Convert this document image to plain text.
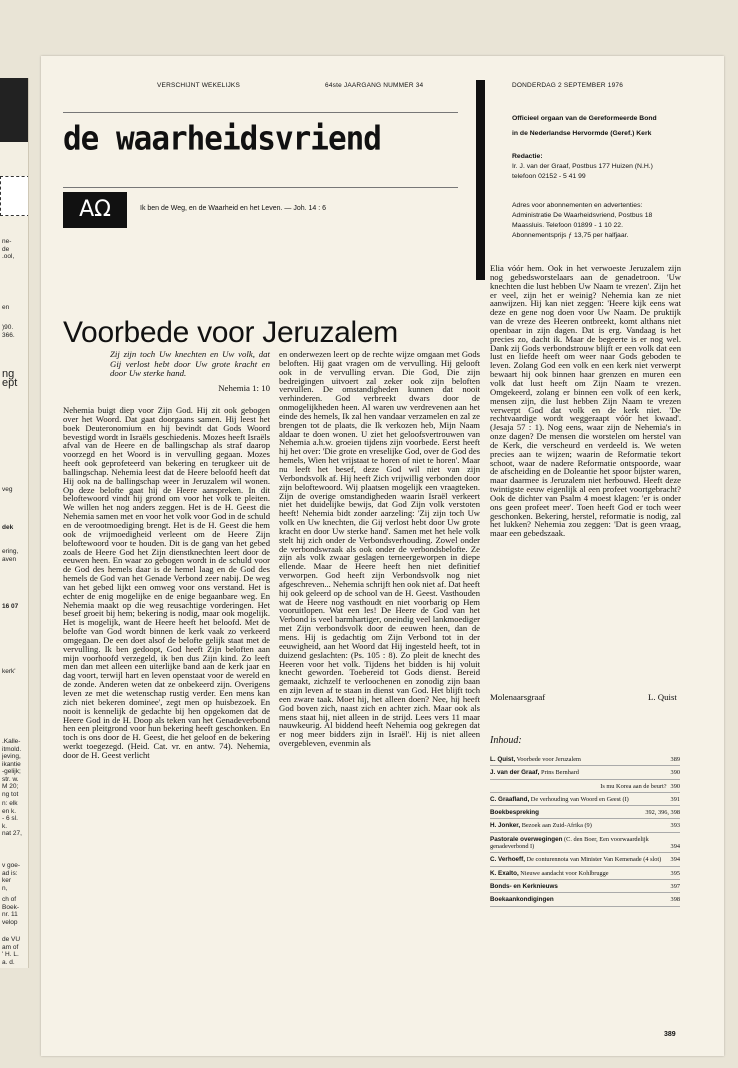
ne-
de
.ool,
en
)90.
366.
ng
ept
veg
dek
ering,
aven
16 07
kerk'
.Kalle-
itmold.
jeving,
ikantie
-gelijk;
str. w.
M 20;
ng tot
n: elk
en k.
- 6 sl.
k.
nat 27,
v goe-
ad is:
ker
n,
ch of
Boek-
nr. 11
velop
de VU
am of
' H. L.
a. d.
VERSCHIJNT WEKELIJKS	64ste JAARGANG NUMMER 34	DONDERDAG 2 SEPTEMBER 1976
de waarheidsvriend
AΩ	Ik ben de Weg, en de Waarheid en het Leven. — Joh. 14 : 6
Officieel orgaan van de Gereformeerde Bond
in de Nederlandse Hervormde (Geref.) Kerk
Redactie:
Ir. J. van der Graaf, Postbus 177 Huizen (N.H.)
telefoon 02152 - 5 41 99
Adres voor abonnementen en advertenties:
Administratie De Waarheidsvriend, Postbus 18
Maassluis. Telefoon 01899 - 1 10 22.
Abonnementsprijs ƒ 13,75 per halfjaar.
Voorbede voor Jeruzalem
Zij zijn toch Uw knechten en Uw volk, dat Gij verlost hebt door Uw grote kracht en door Uw sterke hand.
Nehemia 1: 10

Nehemia buigt diep voor Zijn God. Hij zit ook gebogen over het Woord. Dat gaat doorgaans samen. Hij leest het boek Deuteronomium en hij bevindt dat Gods Woord bevestigd wordt in Israëls geschiedenis. Mozes heeft Israëls afval van de Heere en de ballingschap als straf daarop voorzegd en het Woord is in vervulling gegaan. Mozes heeft ook geprofeteerd van bekering en terugkeer uit de ballingschap. Nehemia leest dat de Heere beloofd heeft dat Hij ook na de ballingschap weer in Jeruzalem wil wonen. Op deze belofte gaat hij de Heere aanspreken. In dit beloftewoord vindt hij grond om voor het volk te pleiten. We willen het nog anders zeggen. Het is de H. Geest die Nehemia samen met en voor het volk voor God in de schuld en de verootmoediging brengt. Het is de H. Geest die hem ook de vrijmoedigheid verleent om de Heere Zijn beloftewoord voor te houden. Dit is de gang van het gebed zoals de Heere God het Zijn dienstknechten leert door de eeuwen heen. En waar zo gebogen wordt in de schuld voor de God des hemels daar is de hemel laag en de God des hemels de God van het Genade Verbond zeer nabij. De weg van het gebed lijkt een omweg voor ons verstand. Het is echter de enig mogelijke en de enige begaanbare weg. En Nehemia maakt op die weg reusachtige vorderingen. Het besef groeit bij hem; bekering is nodig, maar ook mogelijk. Het is mogelijk, want de Heere heeft het beloofd. Met de belofte van God wordt binnen de kerk vaak zo verkeerd omgegaan. De een doet alsof de belofte gelijk staat met de vervulling. Ik ben gedoopt, God heeft Zijn beloften aan mijn voorhoofd verzegeld, ik ben dus Zijn kind. Zo leeft men dan met alleen een uiterlijke band aan de kerk jaar en dag voort, terwijl hart en leven openstaat voor de wereld en de zonde. Anderen weten dat ze onbekeerd zijn. Overigens leven ze met die wetenschap rustig verder. Een mens kan zich niet bekeren dominee', zegt men op huisbezoek. En nooit is kennelijk de gedachte bij hen opgekomen dat de Heere God in de H. Doop als teken van het Genadeverbond hen een pleitgrond voor hun bekering heeft geschonken. En toch is ons door de H. Geest, die het geloof en de bekering werkt toegezegd. (Heid. Cat. vr. en antw. 74). Nehemia, door de H. Geest verlicht

en onderwezen leert op de rechte wijze omgaan met Gods beloften. Hij gaat vragen om de vervulling. Hij gelooft ook in de vervulling ervan. Die God, Die zijn bedreigingen uitvoert zal zeker ook zijn beloften vervullen. De omstandigheden kunnen dat nooit verhinderen. God verbreekt dwars door de onmogelijkheden heen. Al waren uw verdrevenen aan het einde des hemels, Ik zal hen vandaar verzamelen en zal ze brengen tot de plaats, die Ik verkozen heb, Mijn Naam aldaar te doen wonen. U ziet het geloofsvertrouwen van Nehemia a.h.w. groeien tijdens zijn voorbede. Eerst heeft hij het over: 'Die grote en vreselijke God, over de God des hemels, Wien het vrijstaat te horen of niet te horen'. Maar nu leeft het besef, deze God wil niet van zijn Verbondsvolk af. Hij heeft Zich vrijwillig verbonden door zijn beloftewoord. Wij plaatsen mogelijk een vraagteken. Zijn de overige omstandigheden waarin Israël verkeert niet het duidelijke bewijs, dat God Zijn volk verstoten heeft! Nehemia bidt zonder aarzeling: 'Zij zijn toch Uw volk en Uw knechten, die Gij verlost hebt door Uw grote kracht en door Uw sterke hand'. Samen met het hele volk stelt hij zich onder de Verbondsverhouding. Zowel onder de verbondswraak als ook onder de verbondsbelofte. Ze zijn als volk zwaar geslagen terneergeworpen in diepe ellende. Maar de Heere heeft hen niet definitief verworpen. God heeft zijn Verbondsvolk nog niet afgeschreven... Nehemia schrijft hen ook niet af. Dat heeft hij ook geleerd op de school van de H. Geest. Vasthouden wat de Heere nog vasthoudt en niet voorbarig op Hem vooruitlopen. Wat een les! De Heere de God van het Verbond is veel barmhartiger, oneindig veel lankmoediger met Zijn verbondsvolk door de eeuwen heen, dan de mens. Hij is gedachtig om Zijn Verbond tot in der eeuwigheid, aan het Woord dat Hij ingesteld heeft, tot in duizend geslachten: (Ps. 105 : 8). Zo pleit de knecht des Heeren voor het volk. Tijdens het bidden is hij voluit knecht geworden. Toebereid tot Gods dienst. Bereid gemaakt, zichzelf te verloochenen en zonodig zijn baan en zijn leven af te staan in dienst van God. Het blijft toch een zware taak. Moet hij, het alleen doen? Nee, hij heeft God boven zich, naast zich en achter zich. Maar ook als mens staat hij, niet alleen in de strijd. Lees vers 11 maar nauwkeurig. Al biddend heeft Nehemia oog gekregen dat er nog meer bidders zijn in Israël'. Hij is niet alleen overgebleven, evenmin als

Elia vóór hem. Ook in het verwoeste Jeruzalem zijn nog gebedsworstelaars aan de genadetroon. 'Uw knechten die lust hebben Uw Naam te vrezen'. Zijn het er veel, zijn het er weinig? Nehemia kan ze niet aanwijzen. Hij kan niet zeggen: 'Heere kijk eens wat deze en gene nog doen voor Uw Naam. De pruktijk van de vreze des Heeren ontbreekt, komt althans niet openbaar in zijn dagen. Dat is erg. Vandaag is het precies zo, dacht ik. Maar de begeerte is er nog wel. Dank zij Gods verbondstrouw blijft er een volk dat een lust en liefde heeft om weer naar Gods geboden te leven. Zolang God een volk en een kerk niet verwerpt bewaart hij ook binnen haar grenzen en muren een volk dat lust heeft om Zijn Naam te vrezen. Omgekeerd, zolang er binnen een volk of een kerk, mensen zijn, die lust hebben Zijn Naam te vrezen verwerpt God dat volk en de kerk niet. 'De rechtvaardige wordt weggeraapt vóór het kwaad'. (Jesaja 57 : 1). Nog eens, waar zijn de Nehemia's in onze dagen? De mensen die worstelen om herstel van de Kerk, die verscheurd en verdeeld is. We weten precies aan te wijzen; waarin de Reformatie tekort schoot, waar de nadere Reformatie ontspoorde, waar de afscheiding en de Doleantie het spoor bijster waren, maar daarmee is Jeruzalem niet herbouwd. Heeft deze twintigste eeuw eigenlijk al een profeet voortgebracht? Ook de dichter van Psalm 4 moest klagen: 'er is onder ons geen profeet meer'. Toen heeft God er toch weer geschonken. Bekering, herstel, reformatie is nodig, zal het lukken? Nehemia zou zeggen: 'Dat is geen vraag, maar een gebedszaak.

Molenaarsgraaf	L. Quist
Inhoud:
L. Quist, Voorbede voor Jeruzalem	389
J. van der Graaf, Prins Bernhard	390
Is mu Korea aan de beurt? 390
C. Graafland, De verhouding van Woord en Geest (I)	391
Boekbespreking	392, 396, 398
H. Jonker, Bezoek aan Zuid-Afrika (9)	393
Pastorale overwegingen (C. den Boer, Een voorwaardelijk genadeverbond I)	394
C. Verhoeff, De conturennota van Minister Van Kemenade (4 slot)	394
K. Exalto, Nieuwe aandacht voor Kohlbrugge	395
Bonds- en Kerknieuws	397
Boekaankondigingen	398
389
